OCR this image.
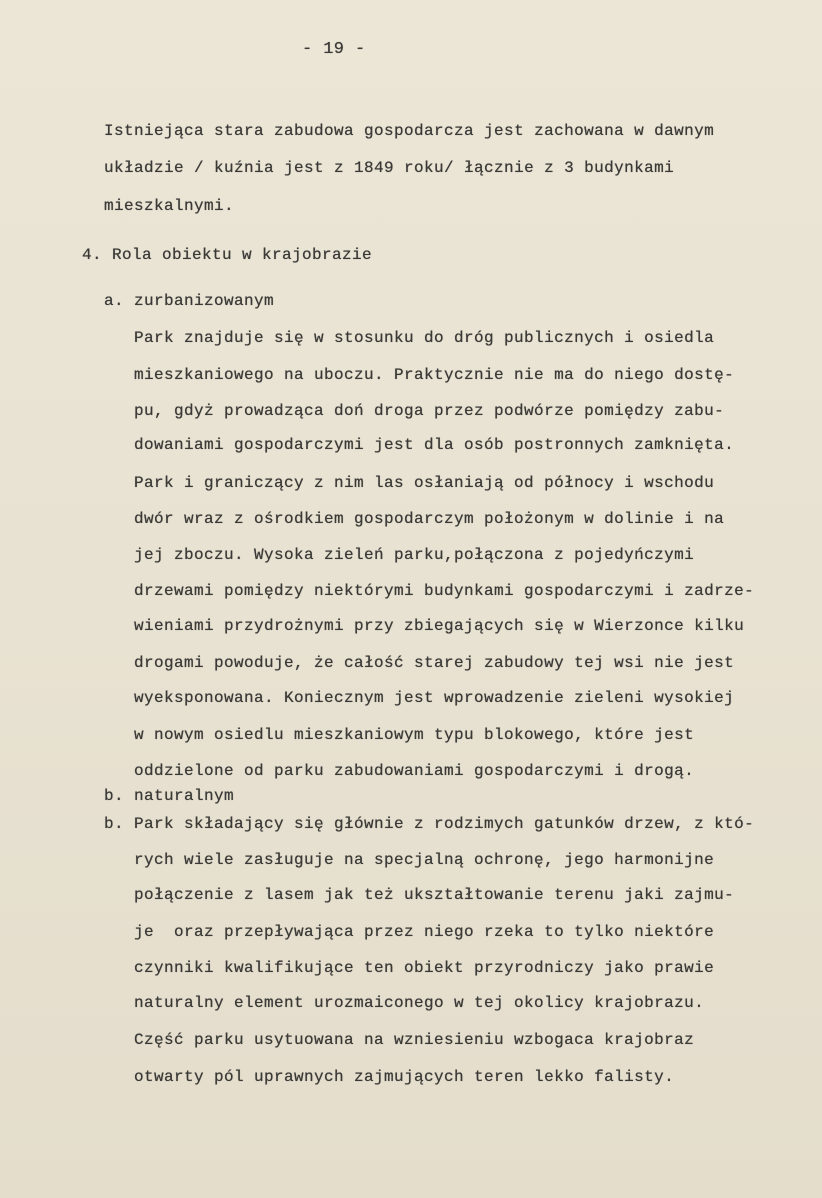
- 19 -
Istniejąca stara zabudowa gospodarcza jest zachowana w dawnym
układzie / kuźnia jest z 1849 roku/ łącznie z 3 budynkami
mieszkalnymi.
4. Rola obiektu w krajobrazie
a. zurbanizowanym
Park znajduje się w stosunku do dróg publicznych i osiedla
mieszkaniowego na uboczu. Praktycznie nie ma do niego dostę-
pu, gdyż prowadząca doń droga przez podwórze pomiędzy zabu-
dowaniami gospodarczymi jest dla osób postronnych zamknięta.
Park i graniczący z nim las osłaniają od północy i wschodu
dwór wraz z ośrodkiem gospodarczym położonym w dolinie i na
jej zboczu. Wysoka zieleń parku,połączona z pojedyńczymi
drzewami pomiędzy niektórymi budynkami gospodarczymi i zadrze-
wieniami przydrożnymi przy zbiegających się w Wierzonce kilku
drogami powoduje, że całość starej zabudowy tej wsi nie jest
wyeksponowana. Koniecznym jest wprowadzenie zieleni wysokiej
w nowym osiedlu mieszkaniowym typu blokowego, które jest
oddzielone od parku zabudowaniami gospodarczymi i drogą.
b. naturalnym
b. Park składający się głównie z rodzimych gatunków drzew, z któ-
rych wiele zasługuje na specjalną ochronę, jego harmonijne
połączenie z lasem jak też ukształtowanie terenu jaki zajmu-
je  oraz przepływająca przez niego rzeka to tylko niektóre
czynniki kwalifikujące ten obiekt przyrodniczy jako prawie
naturalny element urozmaiconego w tej okolicy krajobrazu.
Część parku usytuowana na wzniesieniu wzbogaca krajobraz
otwarty pól uprawnych zajmujących teren lekko falisty.
